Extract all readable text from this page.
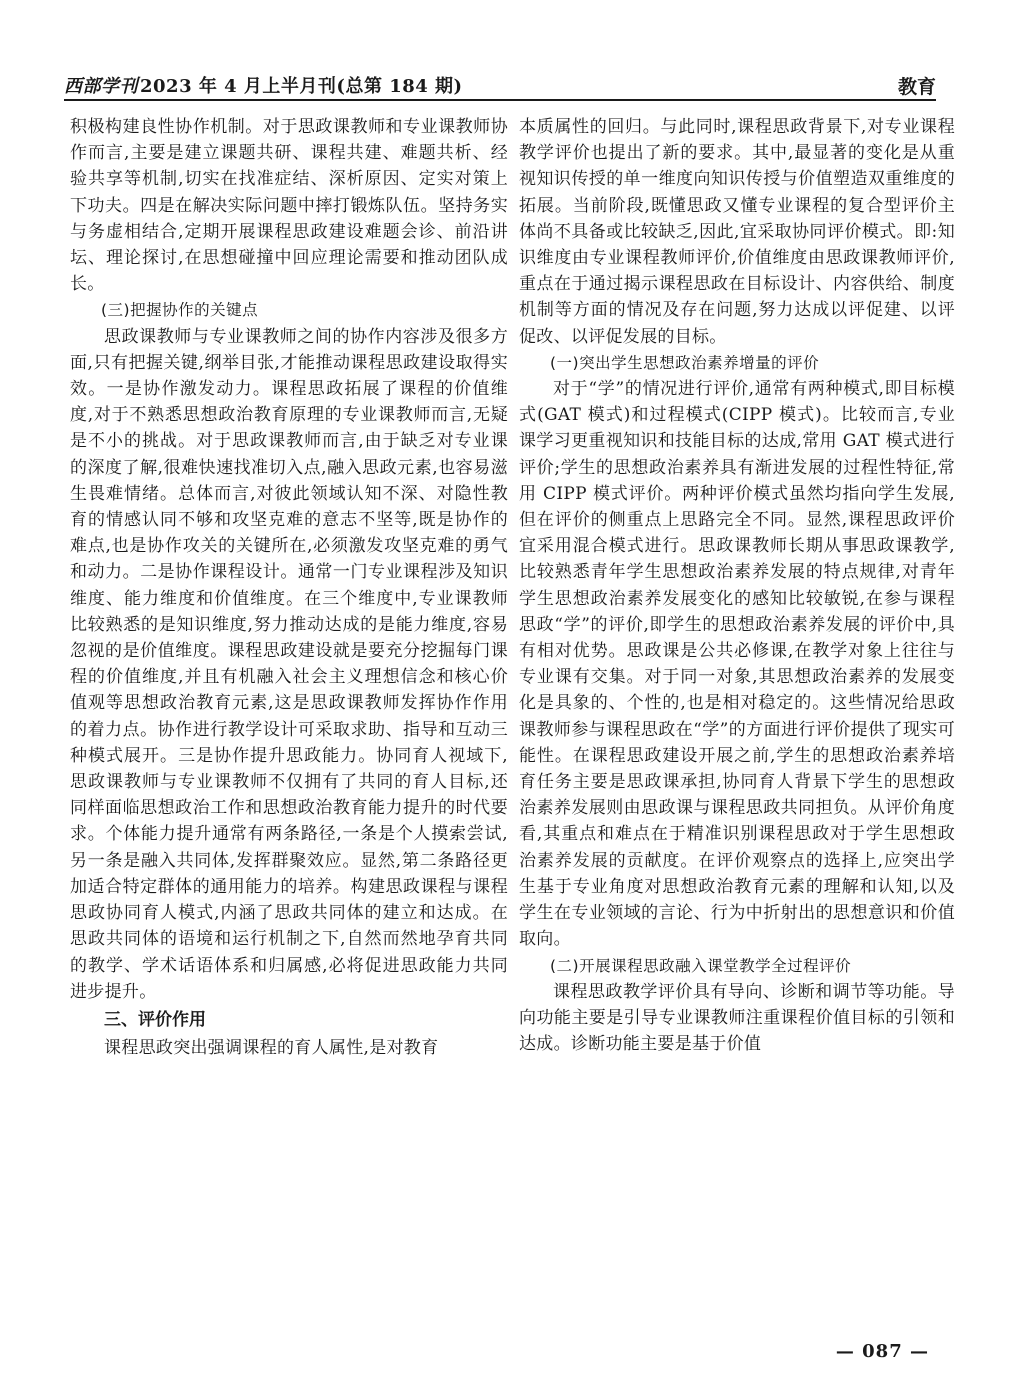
西部学刊 2023 年 4 月上半月刊(总第 184 期)	教育

积极构建良性协作机制。对于思政课教师和专业课教师协作而言,主要是建立课题共研、课程共建、难题共析、经验共享等机制,切实在找准症结、深析原因、定实对策上下功夫。四是在解决实际问题中摔打锻炼队伍。坚持务实与务虚相结合,定期开展课程思政建设难题会诊、前沿讲坛、理论探讨,在思想碰撞中回应理论需要和推动团队成长。

(三)把握协作的关键点

思政课教师与专业课教师之间的协作内容涉及很多方面,只有把握关键,纲举目张,才能推动课程思政建设取得实效。一是协作激发动力。课程思政拓展了课程的价值维度,对于不熟悉思想政治教育原理的专业课教师而言,无疑是不小的挑战。对于思政课教师而言,由于缺乏对专业课的深度了解,很难快速找准切入点,融入思政元素,也容易滋生畏难情绪。总体而言,对彼此领域认知不深、对隐性教育的情感认同不够和攻坚克难的意志不坚等,既是协作的难点,也是协作攻关的关键所在,必须激发攻坚克难的勇气和动力。二是协作课程设计。通常一门专业课程涉及知识维度、能力维度和价值维度。在三个维度中,专业课教师比较熟悉的是知识维度,努力推动达成的是能力维度,容易忽视的是价值维度。课程思政建设就是要充分挖掘每门课程的价值维度,并且有机融入社会主义理想信念和核心价值观等思想政治教育元素,这是思政课教师发挥协作作用的着力点。协作进行教学设计可采取求助、指导和互动三种模式展开。三是协作提升思政能力。协同育人视域下,思政课教师与专业课教师不仅拥有了共同的育人目标,还同样面临思想政治工作和思想政治教育能力提升的时代要求。个体能力提升通常有两条路径,一条是个人摸索尝试,另一条是融入共同体,发挥群聚效应。显然,第二条路径更加适合特定群体的通用能力的培养。构建思政课程与课程思政协同育人模式,内涵了思政共同体的建立和达成。在思政共同体的语境和运行机制之下,自然而然地孕育共同的教学、学术话语体系和归属感,必将促进思政能力共同进步提升。

三、评价作用

课程思政突出强调课程的育人属性,是对教育

本质属性的回归。与此同时,课程思政背景下,对专业课程教学评价也提出了新的要求。其中,最显著的变化是从重视知识传授的单一维度向知识传授与价值塑造双重维度的拓展。当前阶段,既懂思政又懂专业课程的复合型评价主体尚不具备或比较缺乏,因此,宜采取协同评价模式。即:知识维度由专业课程教师评价,价值维度由思政课教师评价,重点在于通过揭示课程思政在目标设计、内容供给、制度机制等方面的情况及存在问题,努力达成以评促建、以评促改、以评促发展的目标。

(一)突出学生思想政治素养增量的评价

对于“学”的情况进行评价,通常有两种模式,即目标模式(GAT 模式)和过程模式(CIPP 模式)。比较而言,专业课学习更重视知识和技能目标的达成,常用 GAT 模式进行评价;学生的思想政治素养具有渐进发展的过程性特征,常用 CIPP 模式评价。两种评价模式虽然均指向学生发展,但在评价的侧重点上思路完全不同。显然,课程思政评价宜采用混合模式进行。思政课教师长期从事思政课教学,比较熟悉青年学生思想政治素养发展的特点规律,对青年学生思想政治素养发展变化的感知比较敏锐,在参与课程思政“学”的评价,即学生的思想政治素养发展的评价中,具有相对优势。思政课是公共必修课,在教学对象上往往与专业课有交集。对于同一对象,其思想政治素养的发展变化是具象的、个性的,也是相对稳定的。这些情况给思政课教师参与课程思政在“学”的方面进行评价提供了现实可能性。在课程思政建设开展之前,学生的思想政治素养培育任务主要是思政课承担,协同育人背景下学生的思想政治素养发展则由思政课与课程思政共同担负。从评价角度看,其重点和难点在于精准识别课程思政对于学生思想政治素养发展的贡献度。在评价观察点的选择上,应突出学生基于专业角度对思想政治教育元素的理解和认知,以及学生在专业领域的言论、行为中折射出的思想意识和价值取向。

(二)开展课程思政融入课堂教学全过程评价

课程思政教学评价具有导向、诊断和调节等功能。导向功能主要是引导专业课教师注重课程价值目标的引领和达成。诊断功能主要是基于价值

— 087 —
